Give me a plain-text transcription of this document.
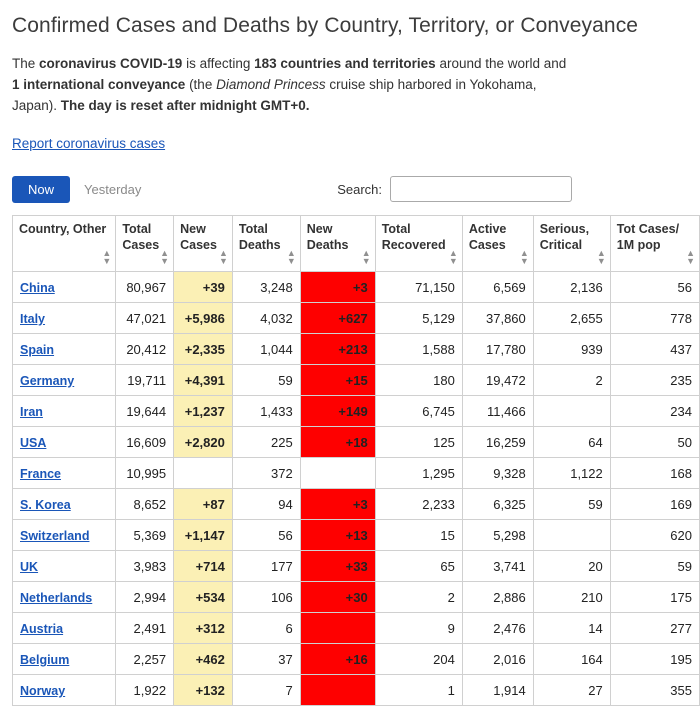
Confirmed Cases and Deaths by Country, Territory, or Conveyance

The coronavirus COVID-19 is affecting 183 countries and territories around the world and 1 international conveyance (the Diamond Princess cruise ship harbored in Yokohama, Japan). The day is reset after midnight GMT+0.

Report coronavirus cases
Now	Yesterday	Search:
Country, Other
▲
▼	Total Cases
▲
▼	New Cases
▲
▼	Total Deaths
▲
▼	New Deaths
▲
▼	Total Recovered
▲
▼	Active Cases
▲
▼	Serious, Critical
▲
▼	Tot Cases/ 1M pop
▲
▼

China	80,967	+39	3,248	+3	71,150	6,569	2,136	56
Italy	47,021	+5,986	4,032	+627	5,129	37,860	2,655	778
Spain	20,412	+2,335	1,044	+213	1,588	17,780	939	437
Germany	19,711	+4,391	59	+15	180	19,472	2	235
Iran	19,644	+1,237	1,433	+149	6,745	11,466		234
USA	16,609	+2,820	225	+18	125	16,259	64	50
France	10,995		372		1,295	9,328	1,122	168
S. Korea	8,652	+87	94	+3	2,233	6,325	59	169
Switzerland	5,369	+1,147	56	+13	15	5,298		620
UK	3,983	+714	177	+33	65	3,741	20	59
Netherlands	2,994	+534	106	+30	2	2,886	210	175
Austria	2,491	+312	6		9	2,476	14	277
Belgium	2,257	+462	37	+16	204	2,016	164	195
Norway	1,922	+132	7		1	1,914	27	355
